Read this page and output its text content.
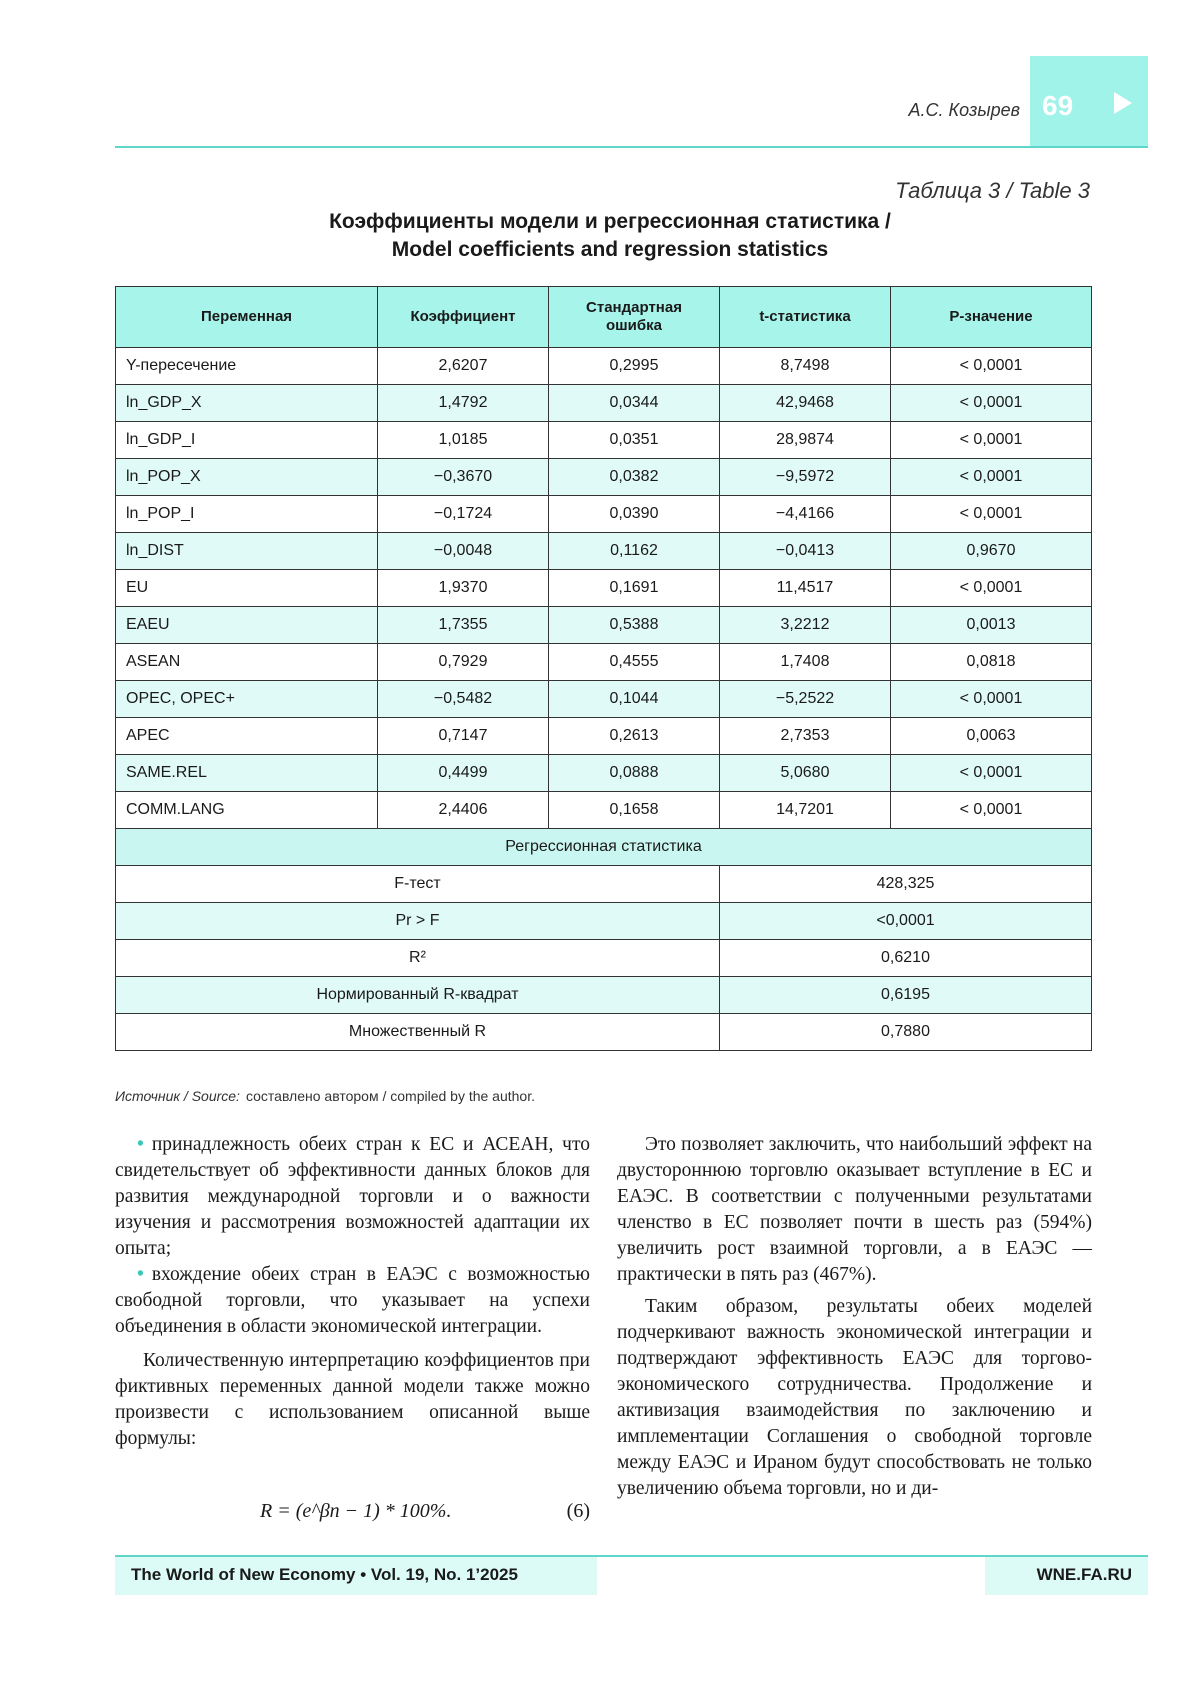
А.С. Козырев 69
Таблица 3 / Table 3
Коэффициенты модели и регрессионная статистика /
Model coefficients and regression statistics
Переменная	Коэффициент	Стандартная ошибка	t-статистика	P-значение
Y-пересечение	2,6207	0,2995	8,7498	< 0,0001
ln_GDP_X	1,4792	0,0344	42,9468	< 0,0001
ln_GDP_I	1,0185	0,0351	28,9874	< 0,0001
ln_POP_X	−0,3670	0,0382	−9,5972	< 0,0001
ln_POP_I	−0,1724	0,0390	−4,4166	< 0,0001
ln_DIST	−0,0048	0,1162	−0,0413	0,9670
EU	1,9370	0,1691	11,4517	< 0,0001
EAEU	1,7355	0,5388	3,2212	0,0013
ASEAN	0,7929	0,4555	1,7408	0,0818
OPEC, OPEC+	−0,5482	0,1044	−5,2522	< 0,0001
APEC	0,7147	0,2613	2,7353	0,0063
SAME.REL	0,4499	0,0888	5,0680	< 0,0001
COMM.LANG	2,4406	0,1658	14,7201	< 0,0001
Регрессионная статистика				
F-тест			428,325	
Pr > F			<0,0001	
R²			0,6210	
Нормированный R-квадрат			0,6195	
Множественный R			0,7880	
Источник / Source: составлено автором / compiled by the author.

• принадлежность обеих стран к ЕС и АСЕАН, что свидетельствует об эффективности данных блоков для развития международной торговли и о важности изучения и рассмотрения возможностей адаптации их опыта;

• вхождение обеих стран в ЕАЭС с возможностью свободной торговли, что указывает на успехи объединения в области экономической интеграции.

Количественную интерпретацию коэффициентов при фиктивных переменных данной модели также можно произвести с использованием описанной выше формулы:

R = (e^βn − 1) * 100%.	(6)

Это позволяет заключить, что наибольший эффект на двустороннюю торговлю оказывает вступление в ЕС и ЕАЭС. В соответствии с полученными результатами членство в ЕС позволяет почти в шесть раз (594%) увеличить рост взаимной торговли, а в ЕАЭС — практически в пять раз (467%).

Таким образом, результаты обеих моделей подчеркивают важность экономической интеграции и подтверждают эффективность ЕАЭС для торгово-экономического сотрудничества. Продолжение и активизация взаимодействия по заключению и имплементации Соглашения о свободной торговле между ЕАЭС и Ираном будут способствовать не только увеличению объема торговли, но и ди-

The World of New Economy • Vol. 19, No. 1’2025	WNE.FA.RU
